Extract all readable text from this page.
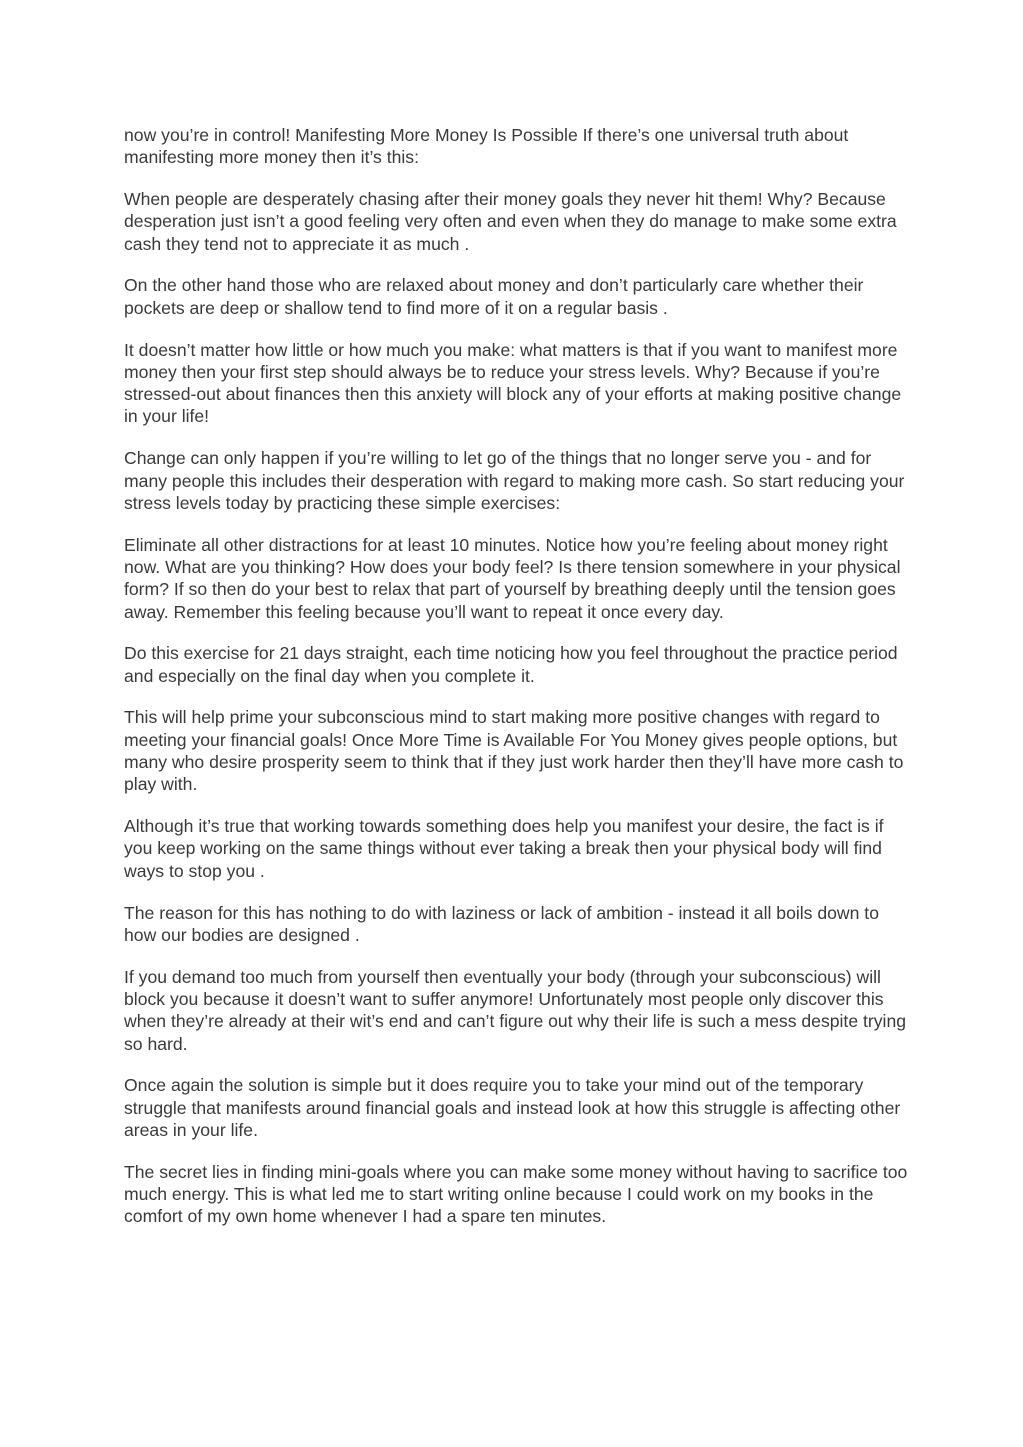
now you’re in control! Manifesting More Money Is Possible If there’s one universal truth about manifesting more money then it’s this:

When people are desperately chasing after their money goals they never hit them! Why? Because desperation just isn’t a good feeling very often and even when they do manage to make some extra cash they tend not to appreciate it as much .

On the other hand those who are relaxed about money and don’t particularly care whether their pockets are deep or shallow tend to find more of it on a regular basis .

It doesn’t matter how little or how much you make: what matters is that if you want to manifest more money then your first step should always be to reduce your stress levels. Why? Because if you’re stressed-out about finances then this anxiety will block any of your efforts at making positive change in your life!

Change can only happen if you’re willing to let go of the things that no longer serve you - and for many people this includes their desperation with regard to making more cash. So start reducing your stress levels today by practicing these simple exercises:

Eliminate all other distractions for at least 10 minutes. Notice how you’re feeling about money right now. What are you thinking? How does your body feel? Is there tension somewhere in your physical form? If so then do your best to relax that part of yourself by breathing deeply until the tension goes away. Remember this feeling because you’ll want to repeat it once every day.

Do this exercise for 21 days straight, each time noticing how you feel throughout the practice period and especially on the final day when you complete it.

This will help prime your subconscious mind to start making more positive changes with regard to meeting your financial goals! Once More Time is Available For You Money gives people options, but many who desire prosperity seem to think that if they just work harder then they’ll have more cash to play with.

Although it’s true that working towards something does help you manifest your desire, the fact is if you keep working on the same things without ever taking a break then your physical body will find ways to stop you .

The reason for this has nothing to do with laziness or lack of ambition - instead it all boils down to how our bodies are designed .

If you demand too much from yourself then eventually your body (through your subconscious) will block you because it doesn’t want to suffer anymore! Unfortunately most people only discover this when they’re already at their wit’s end and can’t figure out why their life is such a mess despite trying so hard.

Once again the solution is simple but it does require you to take your mind out of the temporary struggle that manifests around financial goals and instead look at how this struggle is affecting other areas in your life.

The secret lies in finding mini-goals where you can make some money without having to sacrifice too much energy. This is what led me to start writing online because I could work on my books in the comfort of my own home whenever I had a spare ten minutes.
